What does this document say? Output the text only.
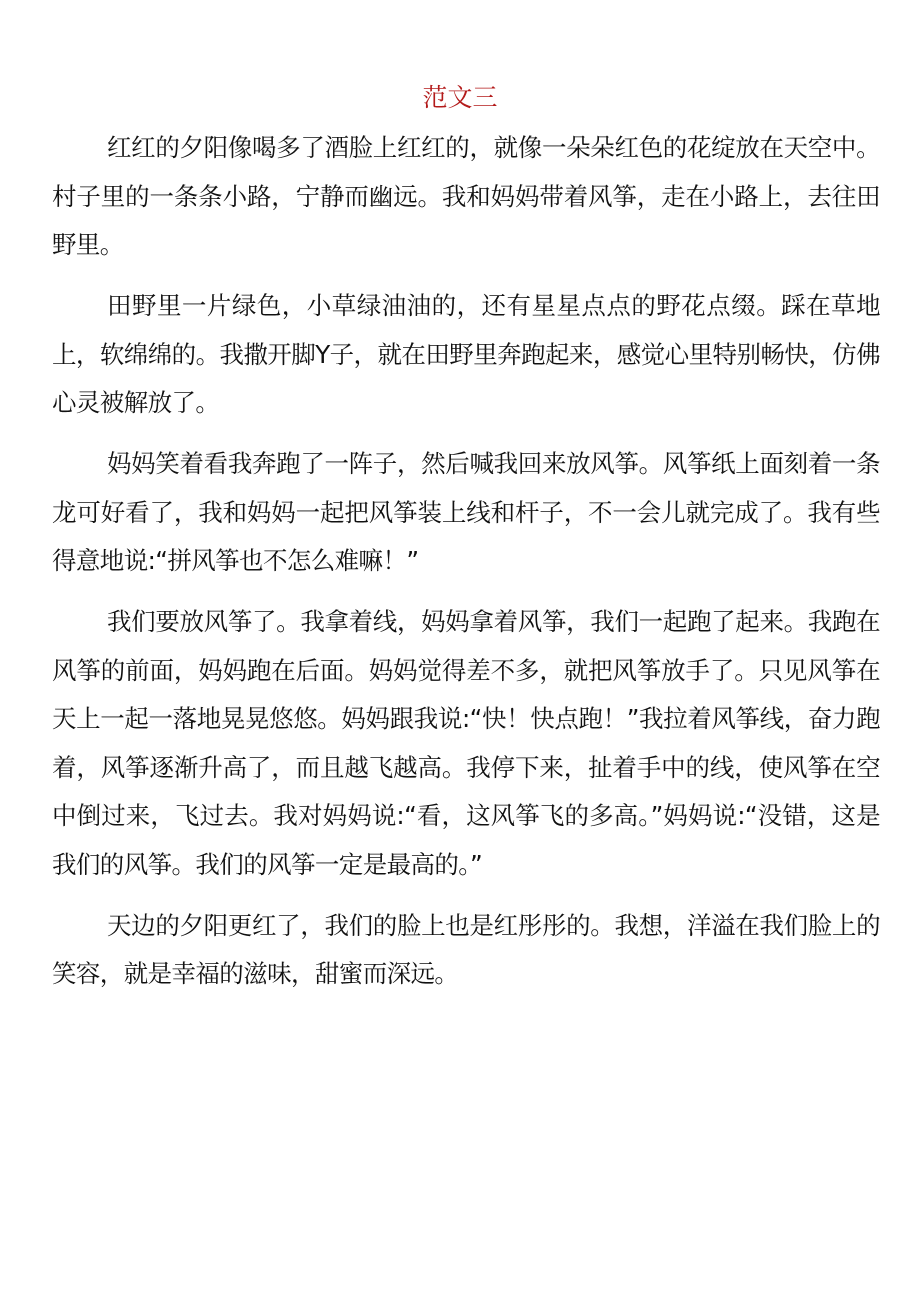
范文三

红红的夕阳像喝多了酒脸上红红的，就像一朵朵红色的花绽放在天空中。村子里的一条条小路，宁静而幽远。我和妈妈带着风筝，走在小路上，去往田野里。

田野里一片绿色，小草绿油油的，还有星星点点的野花点缀。踩在草地上，软绵绵的。我撒开脚Y子，就在田野里奔跑起来，感觉心里特别畅快，仿佛心灵被解放了。

妈妈笑着看我奔跑了一阵子，然后喊我回来放风筝。风筝纸上面刻着一条龙可好看了，我和妈妈一起把风筝装上线和杆子，不一会儿就完成了。我有些得意地说:“拼风筝也不怎么难嘛！”

我们要放风筝了。我拿着线，妈妈拿着风筝，我们一起跑了起来。我跑在风筝的前面，妈妈跑在后面。妈妈觉得差不多，就把风筝放手了。只见风筝在天上一起一落地晃晃悠悠。妈妈跟我说:“快！快点跑！”我拉着风筝线，奋力跑着，风筝逐渐升高了，而且越飞越高。我停下来，扯着手中的线，使风筝在空中倒过来，飞过去。我对妈妈说:“看，这风筝飞的多高。”妈妈说:“没错，这是我们的风筝。我们的风筝一定是最高的。”

天边的夕阳更红了，我们的脸上也是红彤彤的。我想，洋溢在我们脸上的笑容，就是幸福的滋味，甜蜜而深远。
